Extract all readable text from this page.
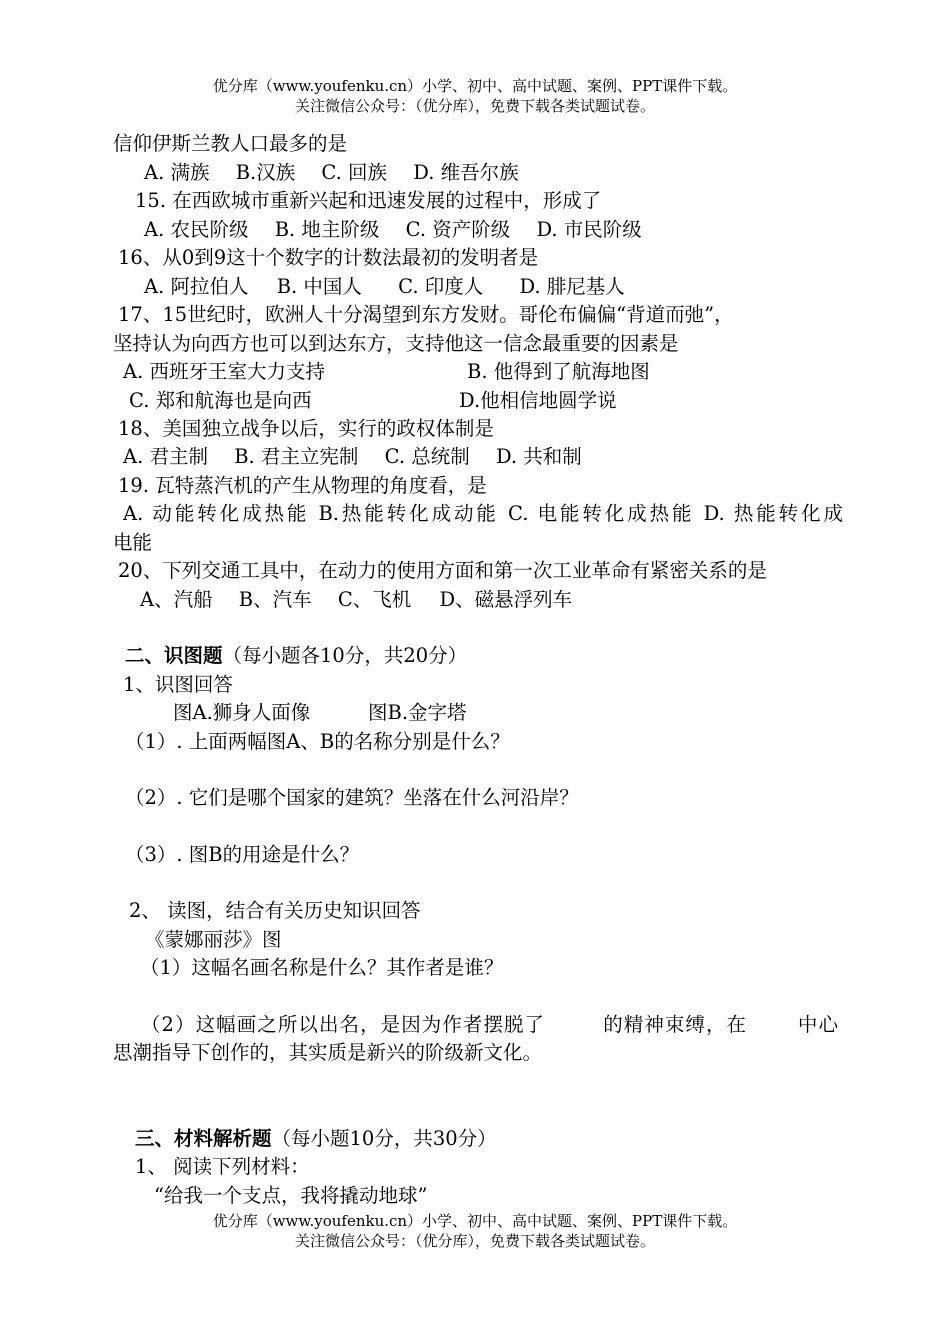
优分库（www.youfenku.cn）小学、初中、高中试题、案例、PPT课件下载。
关注微信公众号：（优分库），免费下载各类试题试卷。
信仰伊斯兰教人口最多的是
A. 满族 B.汉族 C. 回族 D. 维吾尔族
15. 在西欧城市重新兴起和迅速发展的过程中，形成了
A. 农民阶级 B. 地主阶级 C. 资产阶级 D. 市民阶级
16、从0到9这十个数字的计数法最初的发明者是
A. 阿拉伯人 B. 中国人 C. 印度人 D. 腓尼基人
17、15世纪时，欧洲人十分渴望到东方发财。哥伦布偏偏“背道而弛”，
坚持认为向西方也可以到达东方，支持他这一信念最重要的因素是
A. 西班牙王室大力支持	B. 他得到了航海地图
C. 郑和航海也是向西	D.他相信地圆学说
18、美国独立战争以后，实行的政权体制是
A. 君主制 B. 君主立宪制 C. 总统制 D. 共和制
19. 瓦特蒸汽机的产生从物理的角度看，是
A. 动能转化成热能 B.热能转化成动能 C. 电能转化成热能 D. 热能转化成
电能
20、下列交通工具中，在动力的使用方面和第一次工业革命有紧密关系的是
A、汽船 B、汽车 C、飞机 D、磁悬浮列车
二、识图题（每小题各10分，共20分）
1、识图回答
图A.狮身人面像	图B.金字塔
（1）. 上面两幅图A、B的名称分别是什么？
（2）. 它们是哪个国家的建筑？坐落在什么河沿岸？
（3）. 图B的用途是什么？
2、 读图，结合有关历史知识回答
《蒙娜丽莎》图
（1）这幅名画名称是什么？其作者是谁？
（2）这幅画之所以出名，是因为作者摆脱了        的精神束缚，在       中心
思潮指导下创作的，其实质是新兴的阶级新文化。
三、材料解析题（每小题10分，共30分）
1、 阅读下列材料：
“给我一个支点，我将撬动地球”
优分库（www.youfenku.cn）小学、初中、高中试题、案例、PPT课件下载。
关注微信公众号：（优分库），免费下载各类试题试卷。
